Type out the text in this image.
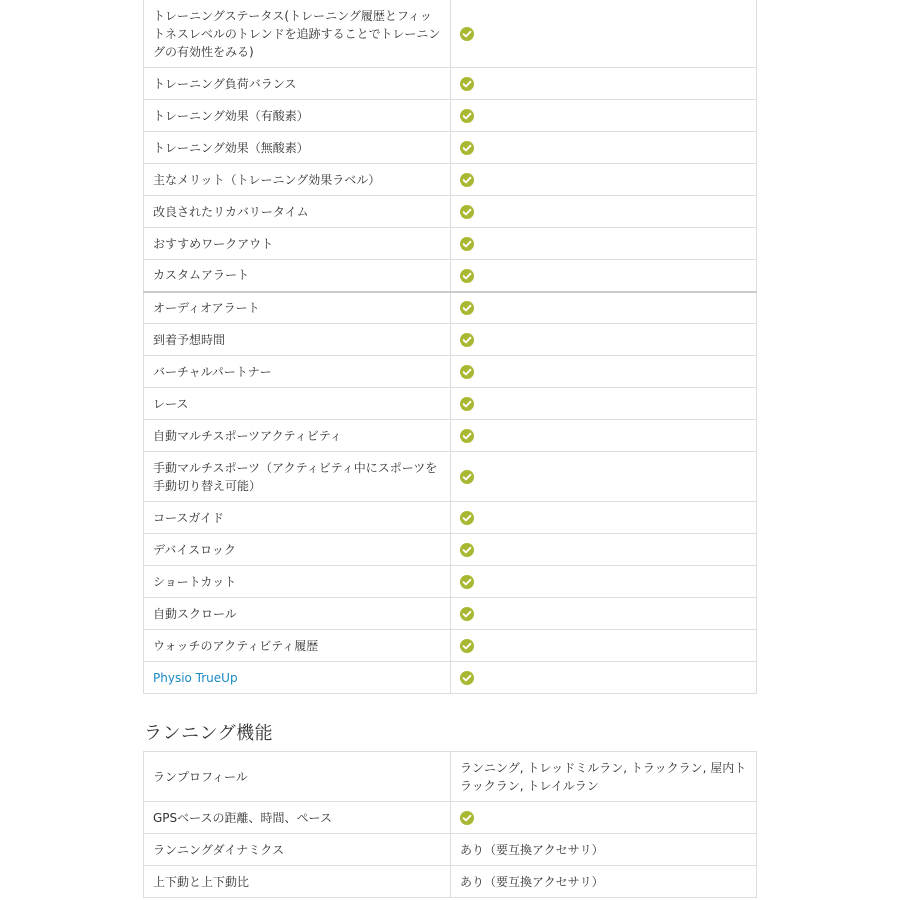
トレーニングステータス(トレーニング履歴とフィットネスレベルのトレンドを追跡することでトレーニングの有効性をみる)	

トレーニング負荷バランス	

トレーニング効果（有酸素）	

トレーニング効果（無酸素）	

主なメリット（トレーニング効果ラベル）	

改良されたリカバリータイム	

おすすめワークアウト	

カスタムアラート	

オーディオアラート	

到着予想時間	

バーチャルパートナー	

レース	

自動マルチスポーツアクティビティ	

手動マルチスポーツ（アクティビティ中にスポーツを手動切り替え可能）	

コースガイド	

デバイスロック	

ショートカット	

自動スクロール	

ウォッチのアクティビティ履歴	

Physio TrueUp	
ランニング機能
ランプロフィール	ランニング, トレッドミルラン, トラックラン, 屋内トラックラン, トレイルラン
GPSベースの距離、時間、ペース	

ランニングダイナミクス	あり（要互換アクセサリ）
上下動と上下動比	あり（要互換アクセサリ）
